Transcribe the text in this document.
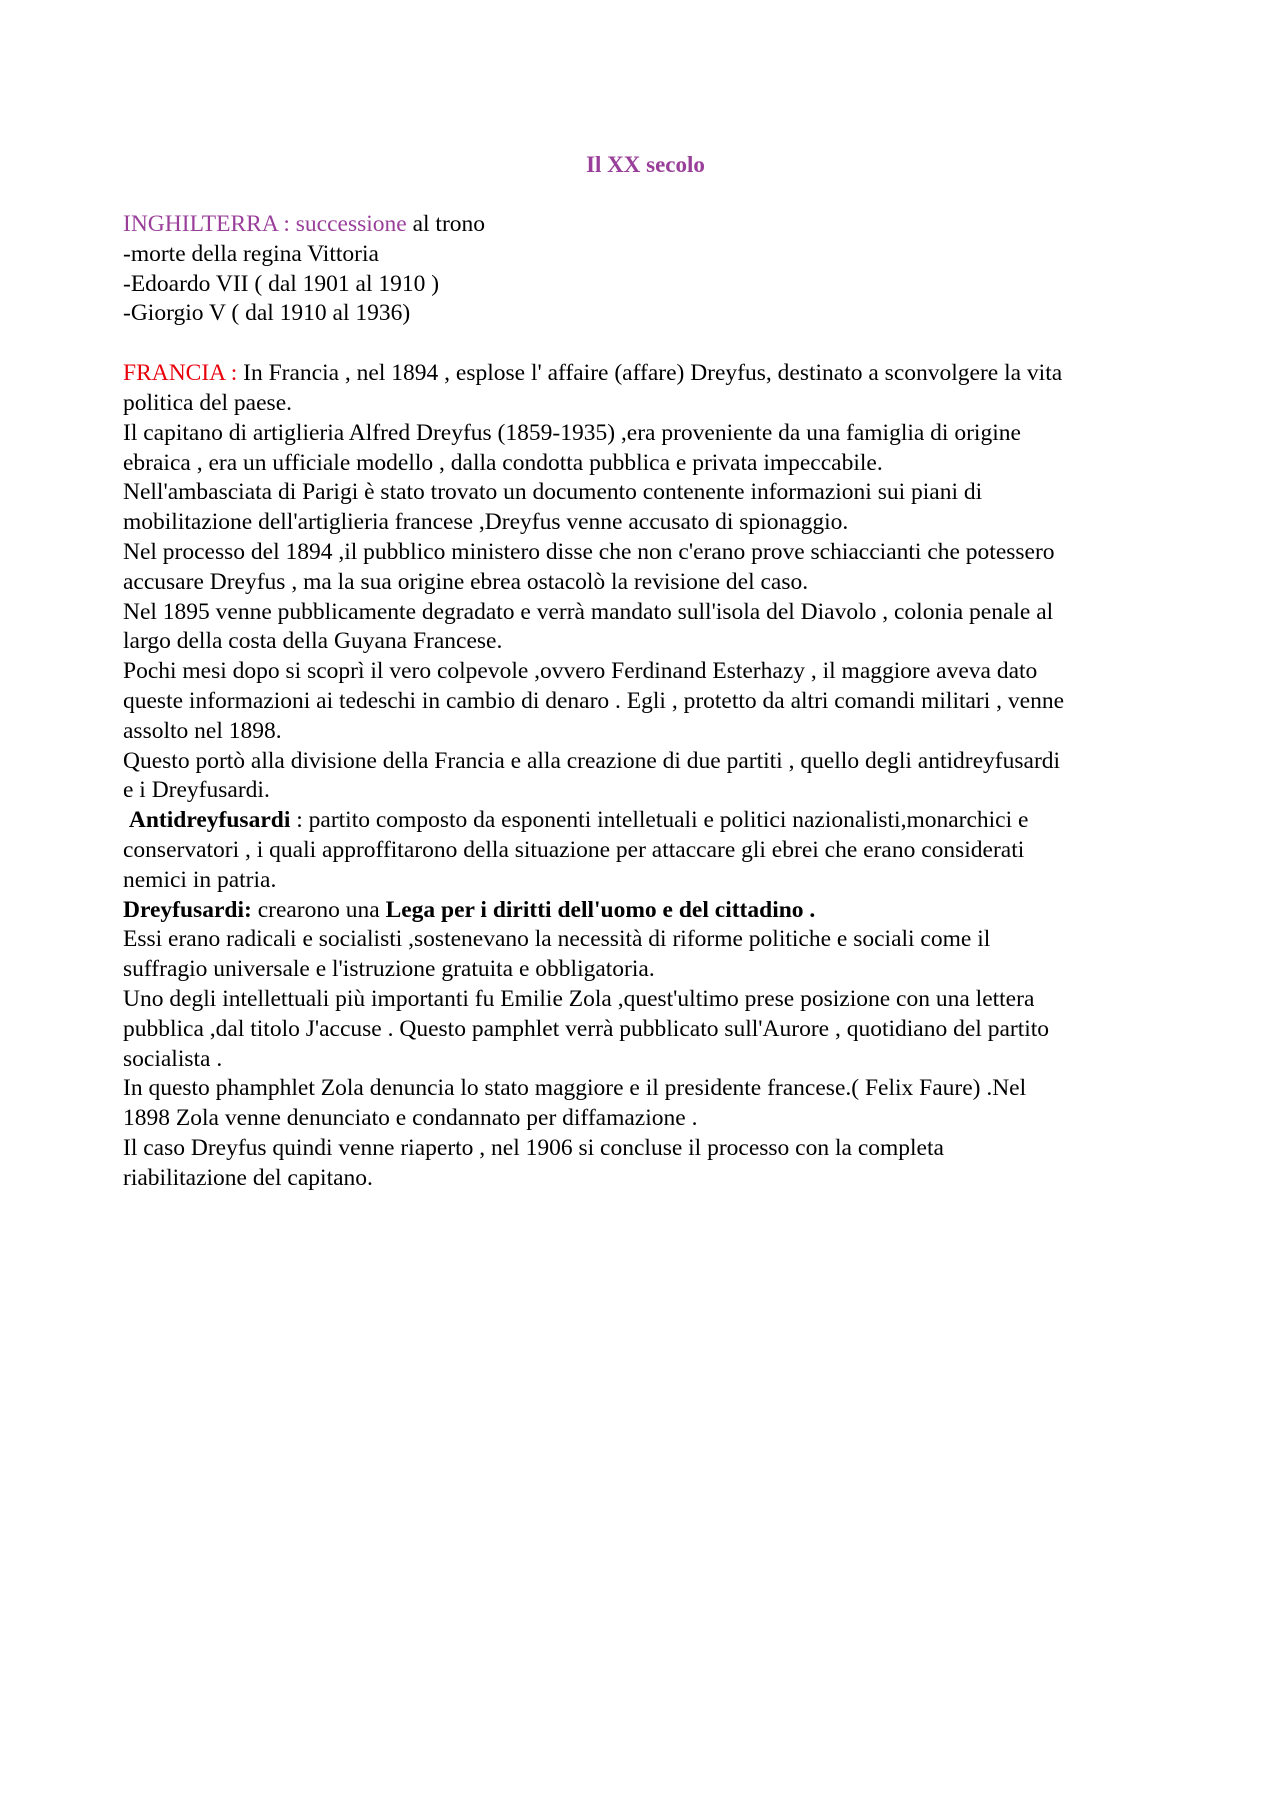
Il XX secolo
INGHILTERRA : successione al trono
-morte della regina Vittoria
-Edoardo VII ( dal 1901 al 1910 )
-Giorgio V ( dal 1910 al 1936)
FRANCIA : In Francia , nel 1894 , esplose l' affaire (affare) Dreyfus, destinato a sconvolgere la vita
politica del paese.
Il capitano di artiglieria Alfred Dreyfus (1859-1935) ,era proveniente da una famiglia di origine
ebraica , era un ufficiale modello , dalla condotta pubblica e privata impeccabile.
Nell'ambasciata di Parigi è stato trovato un documento contenente informazioni sui piani di
mobilitazione dell'artiglieria francese ,Dreyfus venne accusato di spionaggio.
Nel processo del 1894 ,il pubblico ministero disse che non c'erano prove schiaccianti che potessero
accusare Dreyfus , ma la sua origine ebrea ostacolò la revisione del caso.
Nel 1895 venne pubblicamente degradato e verrà mandato sull'isola del Diavolo , colonia penale al
largo della costa della Guyana Francese.
Pochi mesi dopo si scoprì il vero colpevole ,ovvero Ferdinand Esterhazy , il maggiore aveva dato
queste informazioni ai tedeschi in cambio di denaro . Egli , protetto da altri comandi militari , venne
assolto nel 1898.
Questo portò alla divisione della Francia e alla creazione di due partiti , quello degli antidreyfusardi
e i Dreyfusardi.
Antidreyfusardi : partito composto da esponenti intelletuali e politici nazionalisti,monarchici e
conservatori , i quali approffitarono della situazione per attaccare gli ebrei che erano considerati
nemici in patria.
Dreyfusardi: crearono una Lega per i diritti dell'uomo e del cittadino .
Essi erano radicali e socialisti ,sostenevano la necessità di riforme politiche e sociali come il
suffragio universale e l'istruzione gratuita e obbligatoria.
Uno degli intellettuali più importanti fu Emilie Zola ,quest'ultimo prese posizione con una lettera
pubblica ,dal titolo J'accuse . Questo pamphlet verrà pubblicato sull'Aurore , quotidiano del partito
socialista .
In questo phamphlet Zola denuncia lo stato maggiore e il presidente francese.( Felix Faure) .Nel
1898 Zola venne denunciato e condannato per diffamazione .
Il caso Dreyfus quindi venne riaperto , nel 1906 si concluse il processo con la completa
riabilitazione del capitano.
